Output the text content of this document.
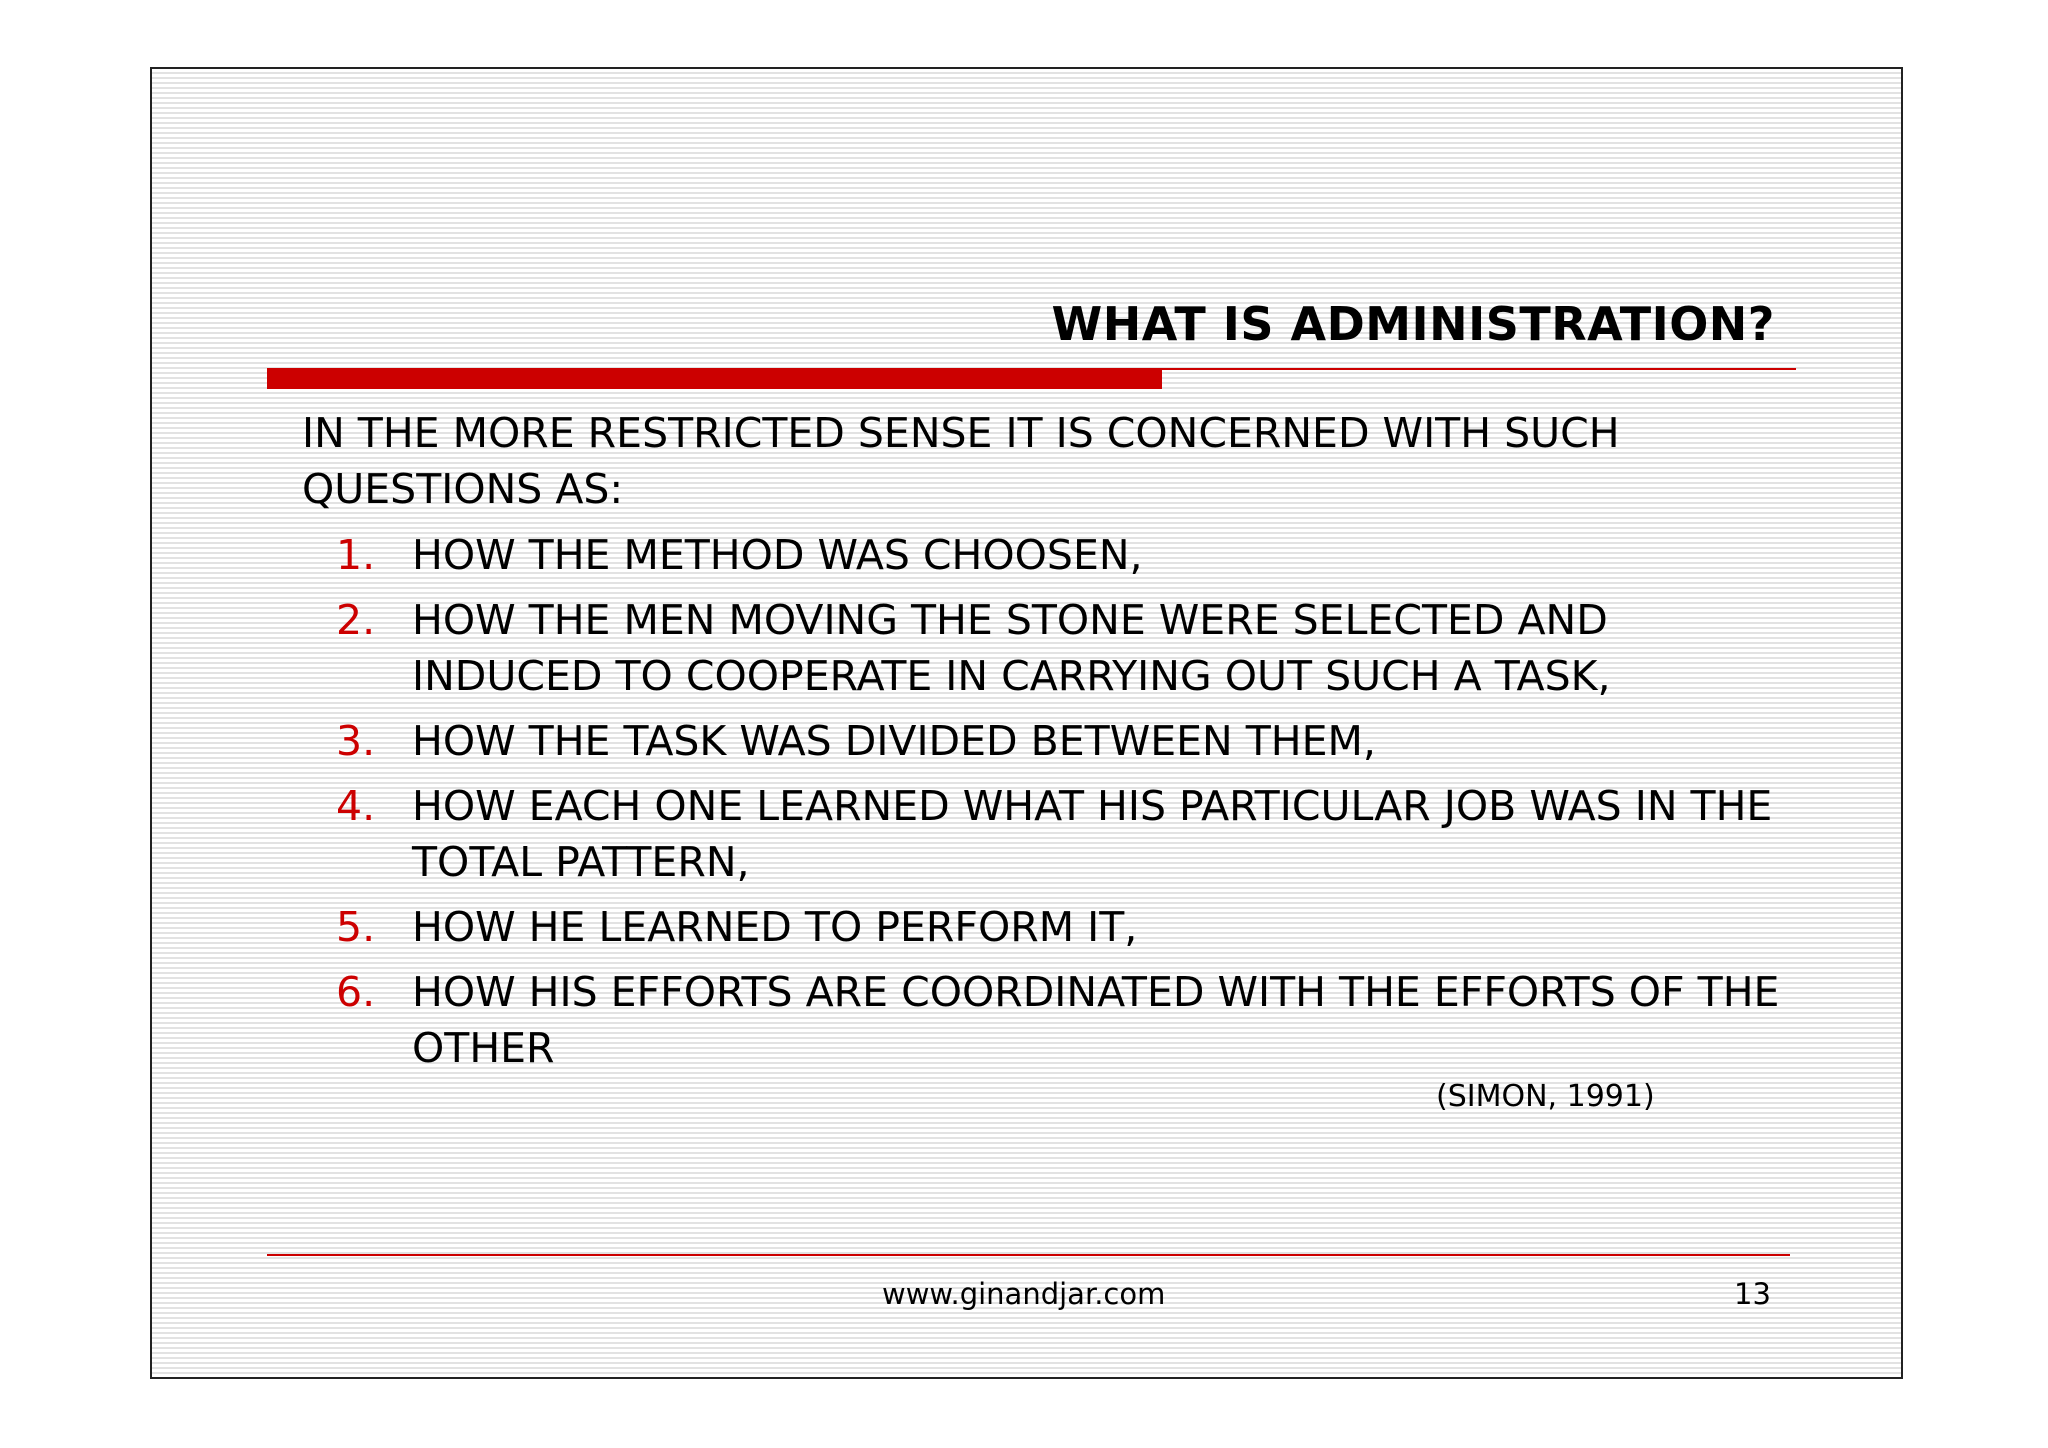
WHAT IS ADMINISTRATION?

IN THE MORE RESTRICTED SENSE IT IS CONCERNED WITH SUCH QUESTIONS AS:

1. HOW THE METHOD WAS CHOOSEN,
2. HOW THE MEN MOVING THE STONE WERE SELECTED AND INDUCED TO COOPERATE IN CARRYING OUT SUCH A TASK,
3. HOW THE TASK WAS DIVIDED BETWEEN THEM,
4. HOW EACH ONE LEARNED WHAT HIS PARTICULAR JOB WAS IN THE TOTAL PATTERN,
5. HOW HE LEARNED TO PERFORM IT,
6. HOW HIS EFFORTS ARE COORDINATED WITH THE EFFORTS OF THE OTHER
(SIMON, 1991)
www.ginandjar.com	13
